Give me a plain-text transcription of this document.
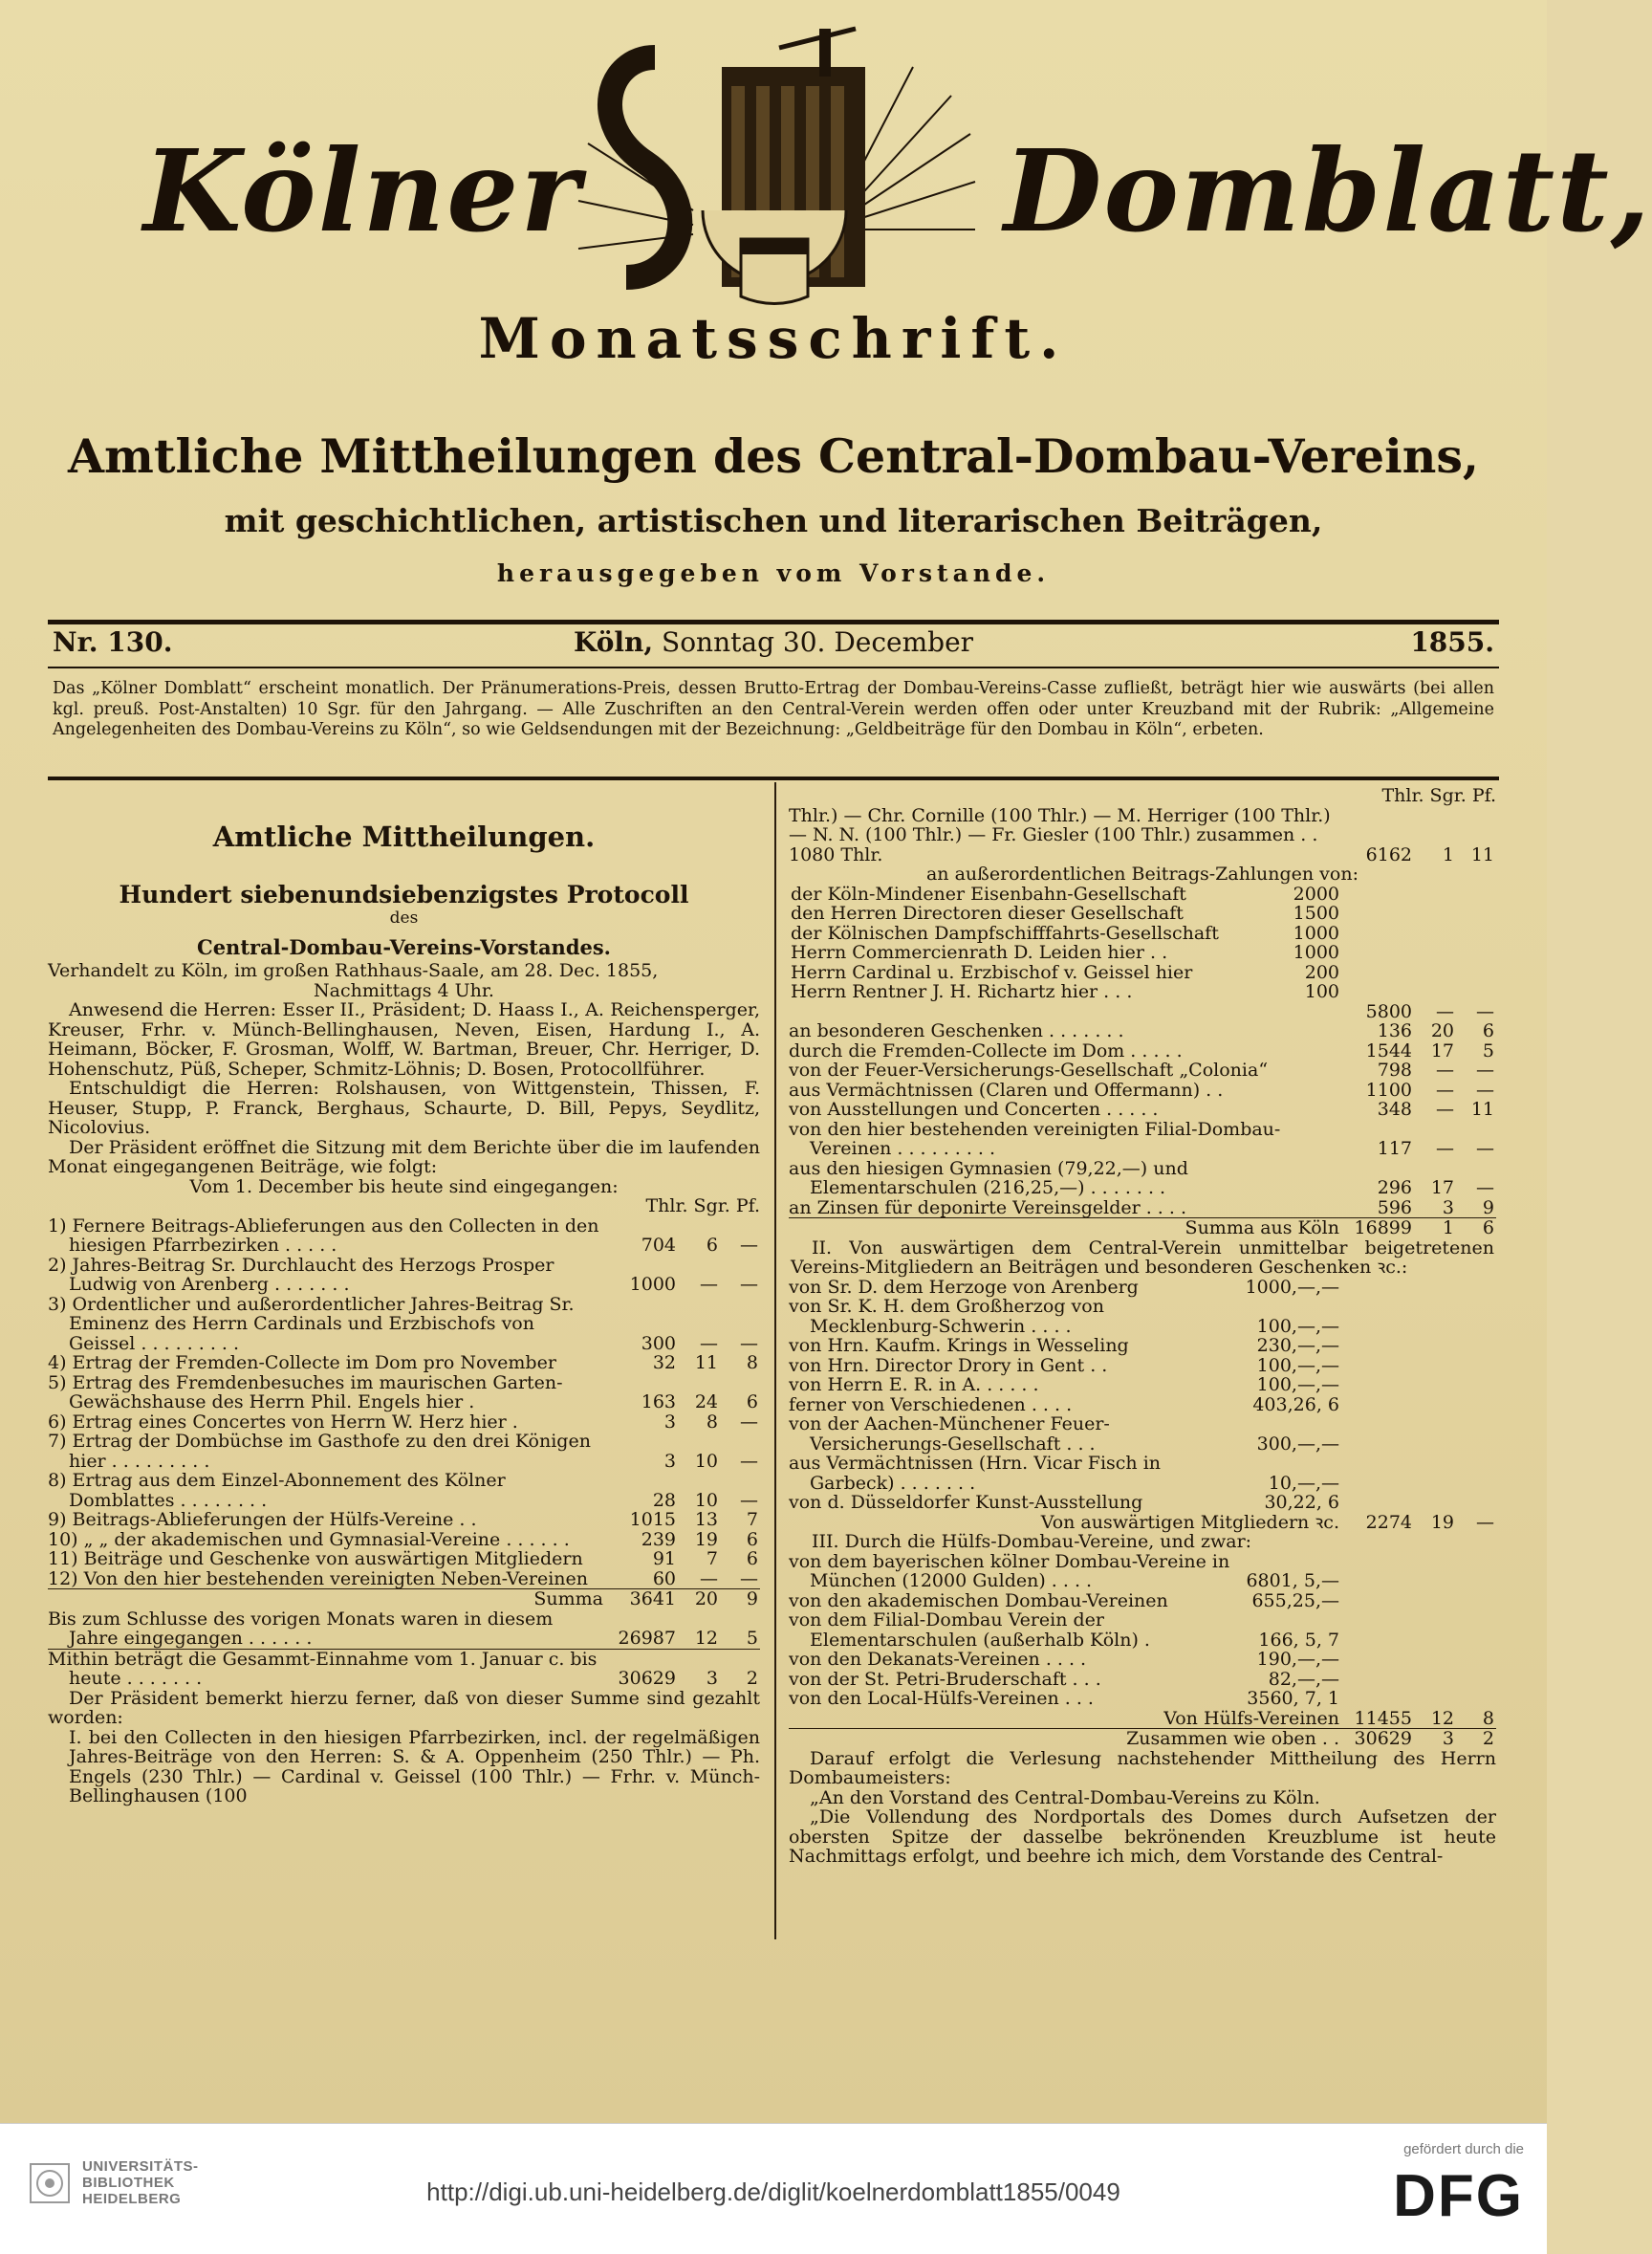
Kölner	Domblatt,
Monatsschrift.
Amtliche Mittheilungen des Central-Dombau-Vereins,
mit geschichtlichen, artistischen und literarischen Beiträgen,
herausgegeben vom Vorstande.
Nr. 130.	Köln, Sonntag 30. December	1855.
Das „Kölner Domblatt“ erscheint monatlich. Der Pränumerations-Preis, dessen Brutto-Ertrag der Dombau-Vereins-Casse zufließt, beträgt hier wie auswärts (bei allen kgl. preuß. Post-Anstalten) 10 Sgr. für den Jahrgang. — Alle Zuschriften an den Central-Verein werden offen oder unter Kreuzband mit der Rubrik: „Allgemeine Angelegenheiten des Dombau-Vereins zu Köln“, so wie Geldsendungen mit der Bezeichnung: „Geldbeiträge für den Dombau in Köln“, erbeten.
Amtliche Mittheilungen.
Hundert siebenundsiebenzigstes Protocoll
des
Central-Dombau-Vereins-Vorstandes.

Verhandelt zu Köln, im großen Rathhaus-Saale, am 28. Dec. 1855,

Nachmittags 4 Uhr.

Anwesend die Herren: Esser II., Präsident; D. Haass I., A. Reichensperger, Kreuser, Frhr. v. Münch-Bellinghausen, Neven, Eisen, Hardung I., A. Heimann, Böcker, F. Grosman, Wolff, W. Bartman, Breuer, Chr. Herriger, D. Hohenschutz, Püß, Scheper, Schmitz-Löhnis; D. Bosen, Protocollführer.

Entschuldigt die Herren: Rolshausen, von Wittgenstein, Thissen, F. Heuser, Stupp, P. Franck, Berghaus, Schaurte, D. Bill, Pepys, Seydlitz, Nicolovius.

Der Präsident eröffnet die Sitzung mit dem Berichte über die im laufenden Monat eingegangenen Beiträge, wie folgt:

Vom 1. December bis heute sind eingegangen:

Thlr. Sgr. Pf.
1) Fernere Beitrags-Ablieferungen aus den Collecten in den hiesigen Pfarrbezirken . . . . .	704	6	—
2) Jahres-Beitrag Sr. Durchlaucht des Herzogs Prosper Ludwig von Arenberg . . . . . . .	1000	—	—
3) Ordentlicher und außerordentlicher Jahres-Beitrag Sr. Eminenz des Herrn Cardinals und Erzbischofs von Geissel . . . . . . . . .	300	—	—
4) Ertrag der Fremden-Collecte im Dom pro November	32	11	8
5) Ertrag des Fremdenbesuches im maurischen Garten-Gewächshause des Herrn Phil. Engels hier .	163	24	6
6) Ertrag eines Concertes von Herrn W. Herz hier .	3	8	—
7) Ertrag der Dombüchse im Gasthofe zu den drei Königen hier . . . . . . . . .	3	10	—
8) Ertrag aus dem Einzel-Abonnement des Kölner Domblattes . . . . . . . .	28	10	—
9) Beitrags-Ablieferungen der Hülfs-Vereine . .	1015	13	7
10) „ „ der akademischen und Gymnasial-Vereine . . . . . .	239	19	6
11) Beiträge und Geschenke von auswärtigen Mitgliedern	91	7	6
12) Von den hier bestehenden vereinigten Neben-Vereinen	60	—	—
Summa	3641	20	9
Bis zum Schlusse des vorigen Monats waren in diesem Jahre eingegangen . . . . . .	26987	12	5
Mithin beträgt die Gesammt-Einnahme vom 1. Januar c. bis heute . . . . . . .	30629	3	2

Der Präsident bemerkt hierzu ferner, daß von dieser Summe sind gezahlt worden:

I. bei den Collecten in den hiesigen Pfarrbezirken, incl. der regelmäßigen Jahres-Beiträge von den Herren: S. & A. Oppenheim (250 Thlr.) — Ph. Engels (230 Thlr.) — Cardinal v. Geissel (100 Thlr.) — Frhr. v. Münch-Bellinghausen (100

Thlr. Sgr. Pf.
Thlr.) — Chr. Cornille (100 Thlr.) — M. Herriger (100 Thlr.) — N. N. (100 Thlr.) — Fr. Giesler (100 Thlr.) zusammen . . 1080 Thlr.		6162	1	11
an außerordentlichen Beitrags-Zahlungen von:				
der Köln-Mindener Eisenbahn-Gesellschaft	2000			
den Herren Directoren dieser Gesellschaft	1500			
der Kölnischen Dampfschifffahrts-Gesellschaft	1000			
Herrn Commercienrath D. Leiden hier . .	1000			
Herrn Cardinal u. Erzbischof v. Geissel hier	200			
Herrn Rentner J. H. Richartz hier . . .	100			
		5800	—	—
an besonderen Geschenken . . . . . . .		136	20	6
durch die Fremden-Collecte im Dom . . . . .		1544	17	5
von der Feuer-Versicherungs-Gesellschaft „Colonia“		798	—	—
aus Vermächtnissen (Claren und Offermann) . .		1100	—	—
von Ausstellungen und Concerten . . . . .		348	—	11
von den hier bestehenden vereinigten Filial-Dombau-Vereinen . . . . . . . . .		117	—	—
aus den hiesigen Gymnasien (79,22,—) und Elementarschulen (216,25,—) . . . . . . .		296	17	—
an Zinsen für deponirte Vereinsgelder . . . .		596	3	9
Summa aus Köln		16899	1	6
II. Von auswärtigen dem Central-Verein unmittelbar beigetretenen Vereins-Mitgliedern an Beiträgen und besonderen Geschenken ꝛc.:				
von Sr. D. dem Herzoge von Arenberg	1000,—,—			
von Sr. K. H. dem Großherzog von Mecklenburg-Schwerin . . . .	100,—,—			
von Hrn. Kaufm. Krings in Wesseling	230,—,—			
von Hrn. Director Drory in Gent . .	100,—,—			
von Herrn E. R. in A. . . . . .	100,—,—			
ferner von Verschiedenen . . . .	403,26, 6			
von der Aachen-Münchener Feuer-Versicherungs-Gesellschaft . . .	300,—,—			
aus Vermächtnissen (Hrn. Vicar Fisch in Garbeck) . . . . . . .	10,—,—			
von d. Düsseldorfer Kunst-Ausstellung	30,22, 6			
Von auswärtigen Mitgliedern ꝛc.		2274	19	—
III. Durch die Hülfs-Dombau-Vereine, und zwar:				
von dem bayerischen kölner Dombau-Vereine in München (12000 Gulden) . . . .	6801, 5,—			
von den akademischen Dombau-Vereinen	655,25,—			
von dem Filial-Dombau Verein der Elementarschulen (außerhalb Köln) .	166, 5, 7			
von den Dekanats-Vereinen . . . .	190,—,—			
von der St. Petri-Bruderschaft . . .	82,—,—			
von den Local-Hülfs-Vereinen . . .	3560, 7, 1			
Von Hülfs-Vereinen		11455	12	8
Zusammen wie oben . .		30629	3	2

Darauf erfolgt die Verlesung nachstehender Mittheilung des Herrn Dombaumeisters:

„An den Vorstand des Central-Dombau-Vereins zu Köln.

„Die Vollendung des Nordportals des Domes durch Aufsetzen der obersten Spitze der dasselbe bekrönenden Kreuzblume ist heute Nachmittags erfolgt, und beehre ich mich, dem Vorstande des Central-

UNIVERSITÄTS-
BIBLIOTHEK
HEIDELBERG	http://digi.ub.uni-heidelberg.de/diglit/koelnerdomblatt1855/0049
gefördert durch die
DFG
